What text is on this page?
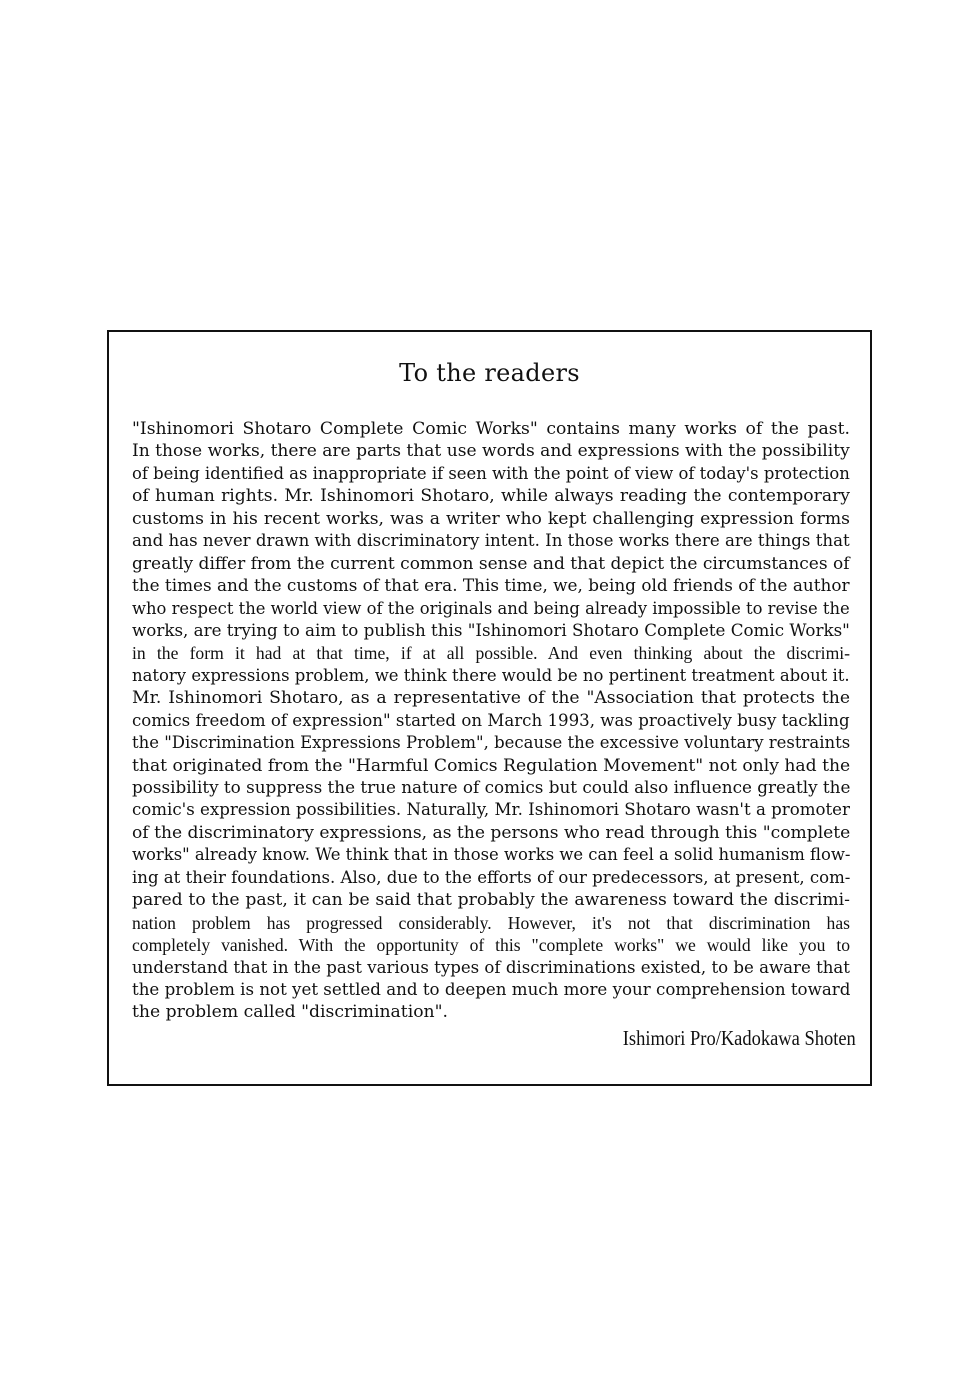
To the readers
"Ishinomori Shotaro Complete Comic Works" contains many works of the past.
In those works, there are parts that use words and expressions with the possibility
of being identified as inappropriate if seen with the point of view of today's protection
of human rights. Mr. Ishinomori Shotaro, while always reading the contemporary
customs in his recent works, was a writer who kept challenging expression forms
and has never drawn with discriminatory intent. In those works there are things that
greatly differ from the current common sense and that depict the circumstances of
the times and the customs of that era. This time, we, being old friends of the author
who respect the world view of the originals and being already impossible to revise the
works, are trying to aim to publish this "Ishinomori Shotaro Complete Comic Works"
in the form it had at that time, if at all possible. And even thinking about the discrimi-
natory expressions problem, we think there would be no pertinent treatment about it.
Mr. Ishinomori Shotaro, as a representative of the "Association that protects the
comics freedom of expression" started on March 1993, was proactively busy tackling
the "Discrimination Expressions Problem", because the excessive voluntary restraints
that originated from the "Harmful Comics Regulation Movement" not only had the
possibility to suppress the true nature of comics but could also influence greatly the
comic's expression possibilities. Naturally, Mr. Ishinomori Shotaro wasn't a promoter
of the discriminatory expressions, as the persons who read through this "complete
works" already know. We think that in those works we can feel a solid humanism flow-
ing at their foundations. Also, due to the efforts of our predecessors, at present, com-
pared to the past, it can be said that probably the awareness toward the discrimi-
nation problem has progressed considerably. However, it's not that discrimination has
completely vanished. With the opportunity of this "complete works" we would like you to
understand that in the past various types of discriminations existed, to be aware that
the problem is not yet settled and to deepen much more your comprehension toward
the problem called "discrimination".
Ishimori Pro/Kadokawa Shoten
